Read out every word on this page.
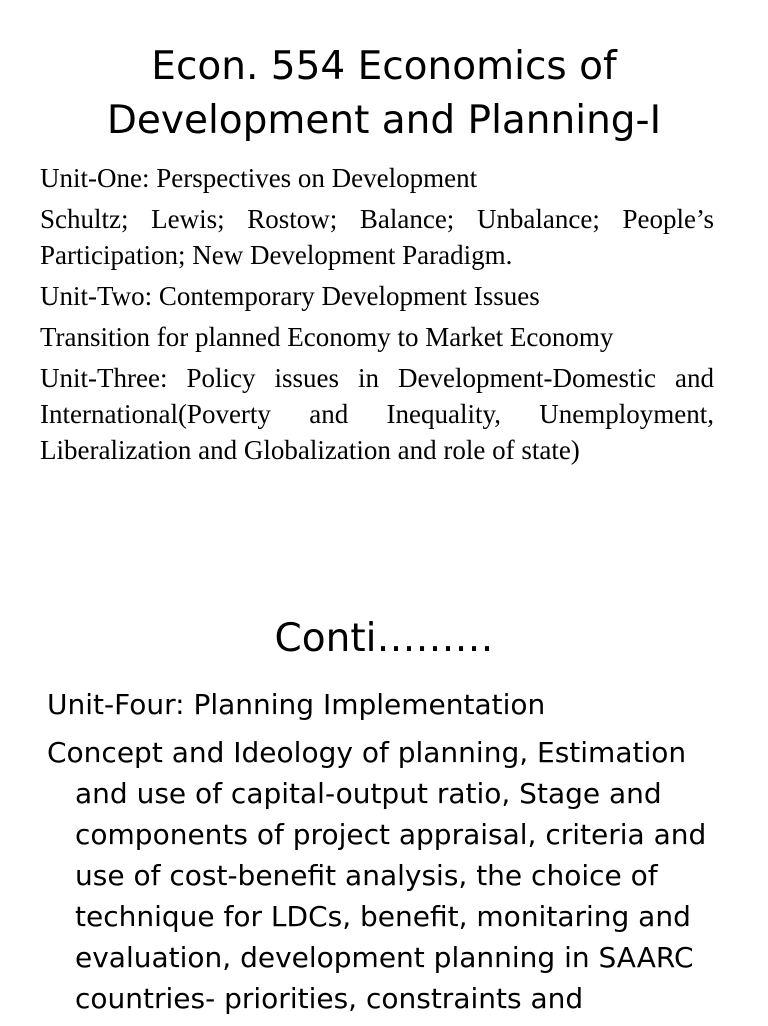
Econ. 554 Economics of Development and Planning-I

Unit-One: Perspectives on Development

Schultz; Lewis; Rostow; Balance; Unbalance; People’s Participation; New Development Paradigm.

Unit-Two: Contemporary Development Issues

Transition for planned Economy to Market Economy

Unit-Three: Policy issues in Development-Domestic and International(Poverty and Inequality, Unemployment, Liberalization and Globalization and role of state)

Conti………

Unit-Four: Planning Implementation

Concept and Ideology of planning, Estimation and use of capital-output ratio, Stage and components of project appraisal, criteria and use of cost-benefit analysis, the choice of technique for LDCs, benefit, monitaring and evaluation, development planning in SAARC countries- priorities, constraints and
